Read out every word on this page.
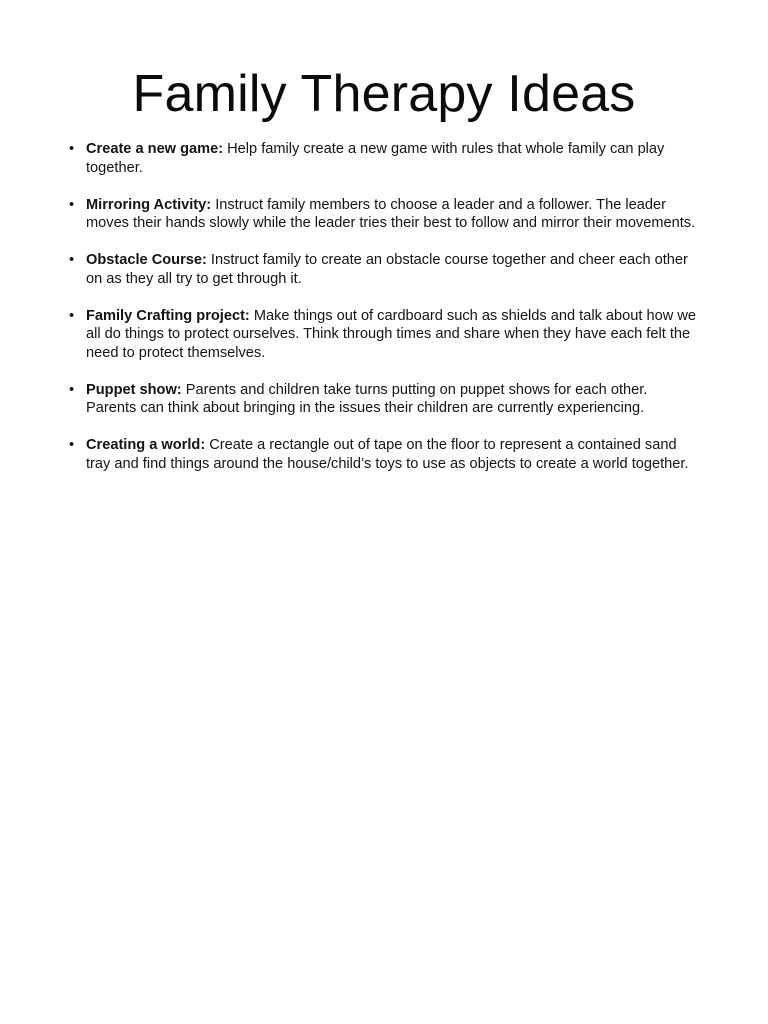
Family Therapy Ideas
• Create a new game: Help family create a new game with rules that whole family can play together.
• Mirroring Activity: Instruct family members to choose a leader and a follower. The leader moves their hands slowly while the leader tries their best to follow and mirror their movements.
• Obstacle Course: Instruct family to create an obstacle course together and cheer each other on as they all try to get through it.
• Family Crafting project: Make things out of cardboard such as shields and talk about how we all do things to protect ourselves. Think through times and share when they have each felt the need to protect themselves.
• Puppet show: Parents and children take turns putting on puppet shows for each other. Parents can think about bringing in the issues their children are currently experiencing.
• Creating a world: Create a rectangle out of tape on the floor to represent a contained sand tray and find things around the house/child’s toys to use as objects to create a world together.
